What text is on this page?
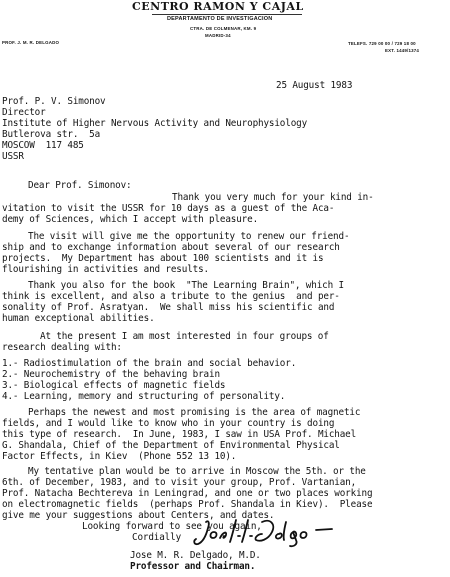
CENTRO RAMON Y CAJAL
DEPARTAMENTO DE INVESTIGACION
CTRA. DE COLMENAR, KM. 9
MADRID-34
PROF. J. M. R. DELGADO	TELEFS. 729 00 00 / 729 18 00
EXT. 1449/1374
25 August 1983
Prof. P. V. Simonov
Director
Institute of Higher Nervous Activity and Neurophysiology
Butlerova str.  5a
MOSCOW  117 485
USSR
Dear Prof. Simonov:
Thank you very much for your kind in-
vitation to visit the USSR for 10 days as a guest of the Aca-
demy of Sciences, which I accept with pleasure.
The visit will give me the opportunity to renew our friend-
ship and to exchange information about several of our research
projects.  My Department has about 100 scientists and it is
flourishing in activities and results.
Thank you also for the book  "The Learning Brain", which I
think is excellent, and also a tribute to the genius  and per-
sonality of Prof. Asratyan.  We shall miss his scientific and
human exceptional abilities.
At the present I am most interested in four groups of
research dealing with:
1.- Radiostimulation of the brain and social behavior.
2.- Neurochemistry of the behaving brain
3.- Biological effects of magnetic fields
4.- Learning, memory and structuring of personality.
Perhaps the newest and most promising is the area of magnetic
fields, and I would like to know who in your country is doing
this type of research.  In June, 1983, I saw in USA Prof. Michael
G. Shandala, Chief of the Department of Environmental Physical
Factor Effects, in Kiev  (Phone 552 13 10).
My tentative plan would be to arrive in Moscow the 5th. or the
6th. of December, 1983, and to visit your group, Prof. Vartanian,
Prof. Natacha Bechtereva in Leningrad, and one or two places working
on electromagnetic fields  (perhaps Prof. Shandala in Kiev).  Please
give me your suggestions about Centers, and dates.
Looking forward to see you again,
Cordially
Jose M. R. Delgado, M.D.
Professor and Chairman.
